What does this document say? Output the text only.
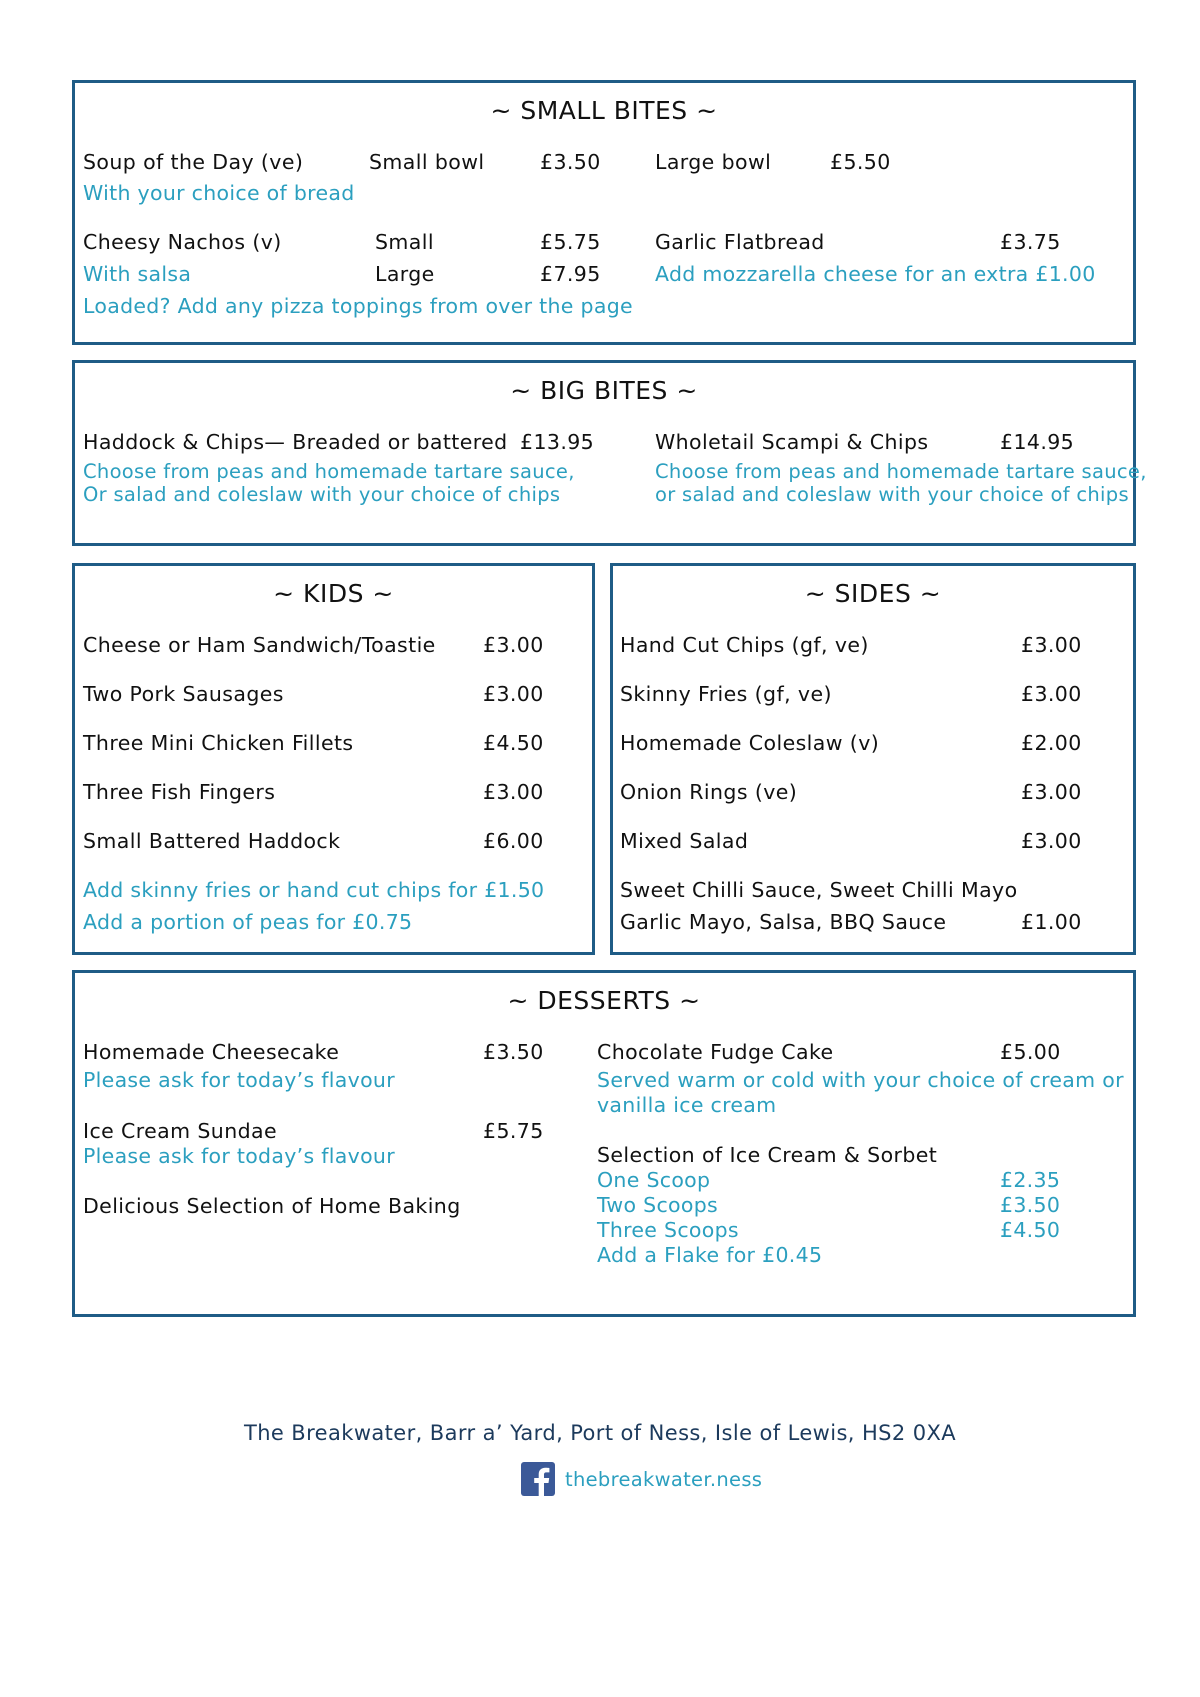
~ SMALL BITES ~
Soup of the Day (ve)	Small bowl	£3.50	Large bowl	£5.50
With your choice of bread
Cheesy Nachos (v)	Small	£5.75
With salsa	Large	£7.95
Loaded? Add any pizza toppings from over the page
Garlic Flatbread	£3.75
Add mozzarella cheese for an extra £1.00
~ BIG BITES ~
Haddock & Chips— Breaded or battered £13.95
Choose from peas and homemade tartare sauce,
Or salad and coleslaw with your choice of chips
Wholetail Scampi & Chips	£14.95
Choose from peas and homemade tartare sauce,
or salad and coleslaw with your choice of chips
~ KIDS ~
Cheese or Ham Sandwich/Toastie £3.00
Two Pork Sausages	£3.00
Three Mini Chicken Fillets	£4.50
Three Fish Fingers	£3.00
Small Battered Haddock	£6.00
Add skinny fries or hand cut chips for £1.50
Add a portion of peas for £0.75
~ SIDES ~
Hand Cut Chips (gf, ve)	£3.00
Skinny Fries (gf, ve)	£3.00
Homemade Coleslaw (v)	£2.00
Onion Rings (ve)	£3.00
Mixed Salad	£3.00
Sweet Chilli Sauce, Sweet Chilli Mayo
Garlic Mayo, Salsa, BBQ Sauce	£1.00
~ DESSERTS ~
Homemade Cheesecake	£3.50
Please ask for today’s flavour
Ice Cream Sundae	£5.75
Please ask for today’s flavour
Delicious Selection of Home Baking
Chocolate Fudge Cake	£5.00
Served warm or cold with your choice of cream or
vanilla ice cream
Selection of Ice Cream & Sorbet
One Scoop	£2.35
Two Scoops	£3.50
Three Scoops	£4.50
Add a Flake for £0.45
The Breakwater, Barr a’ Yard, Port of Ness, Isle of Lewis, HS2 0XA
thebreakwater.ness
